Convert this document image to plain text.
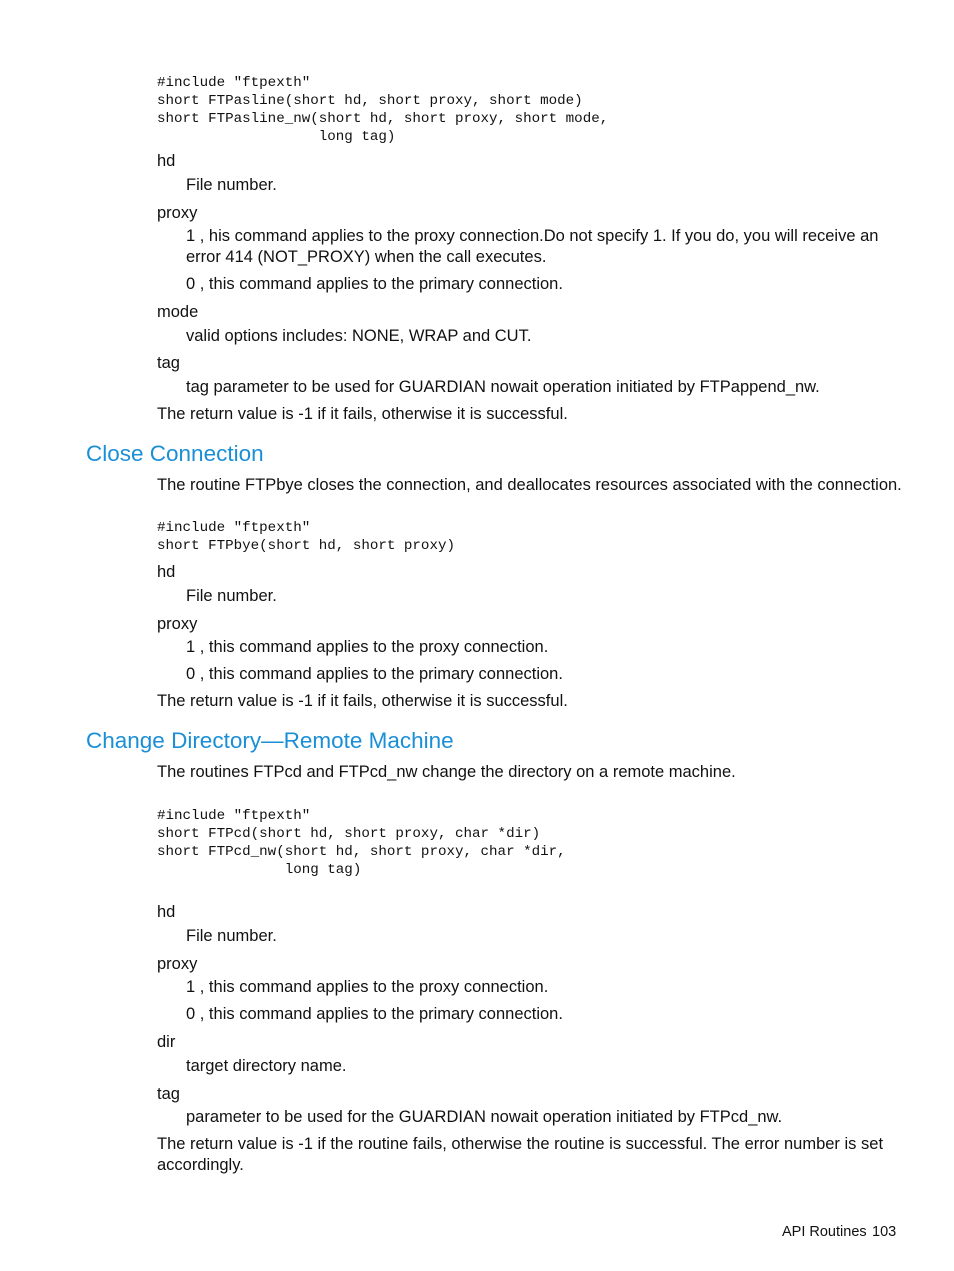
#include "ftpexth"
short FTPasline(short hd, short proxy, short mode)
short FTPasline_nw(short hd, short proxy, short mode,
long tag)
hd
File number.
proxy
1 , his command applies to the proxy connection.Do not specify 1. If you do, you will receive an error 414 (NOT_PROXY) when the call executes.
0 , this command applies to the primary connection.
mode
valid options includes: NONE, WRAP and CUT.
tag
tag parameter to be used for GUARDIAN nowait operation initiated by FTPappend_nw.
The return value is -1 if it fails, otherwise it is successful.
Close Connection
The routine FTPbye closes the connection, and deallocates resources associated with the connection.
#include "ftpexth"
short FTPbye(short hd, short proxy)
hd
File number.
proxy
1 , this command applies to the proxy connection.
0 , this command applies to the primary connection.
The return value is -1 if it fails, otherwise it is successful.
Change Directory—Remote Machine
The routines FTPcd and FTPcd_nw change the directory on a remote machine.
#include "ftpexth"
short FTPcd(short hd, short proxy, char *dir)
short FTPcd_nw(short hd, short proxy, char *dir,
long tag)
hd
File number.
proxy
1 , this command applies to the proxy connection.
0 , this command applies to the primary connection.
dir
target directory name.
tag
parameter to be used for the GUARDIAN nowait operation initiated by FTPcd_nw.
The return value is -1 if the routine fails, otherwise the routine is successful. The error number is set accordingly.
API Routines 103
